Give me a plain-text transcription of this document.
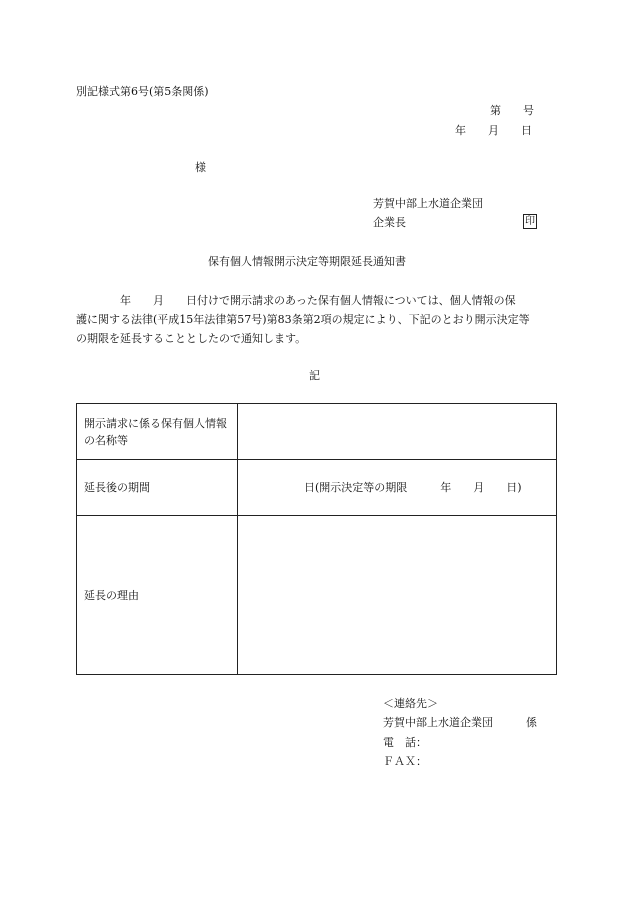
別記様式第6号(第5条関係)
第　　号
年　　月　　日
様
芳賀中部上水道企業団
企業長	印
保有個人情報開示決定等期限延長通知書
　　　　年　　月　　日付けで開示請求のあった保有個人情報については、個人情報の保
護に関する法律(平成15年法律第57号)第83条第2項の規定により、下記のとおり開示決定等
の期限を延長することとしたので通知します。
記
開示請求に係る保有個人情報の名称等	
延長後の期間	日(開示決定等の期限　　　年　　月　　日)
延長の理由	
＜連絡先＞
芳賀中部上水道企業団　　　係
電　話：
ＦＡＸ：
